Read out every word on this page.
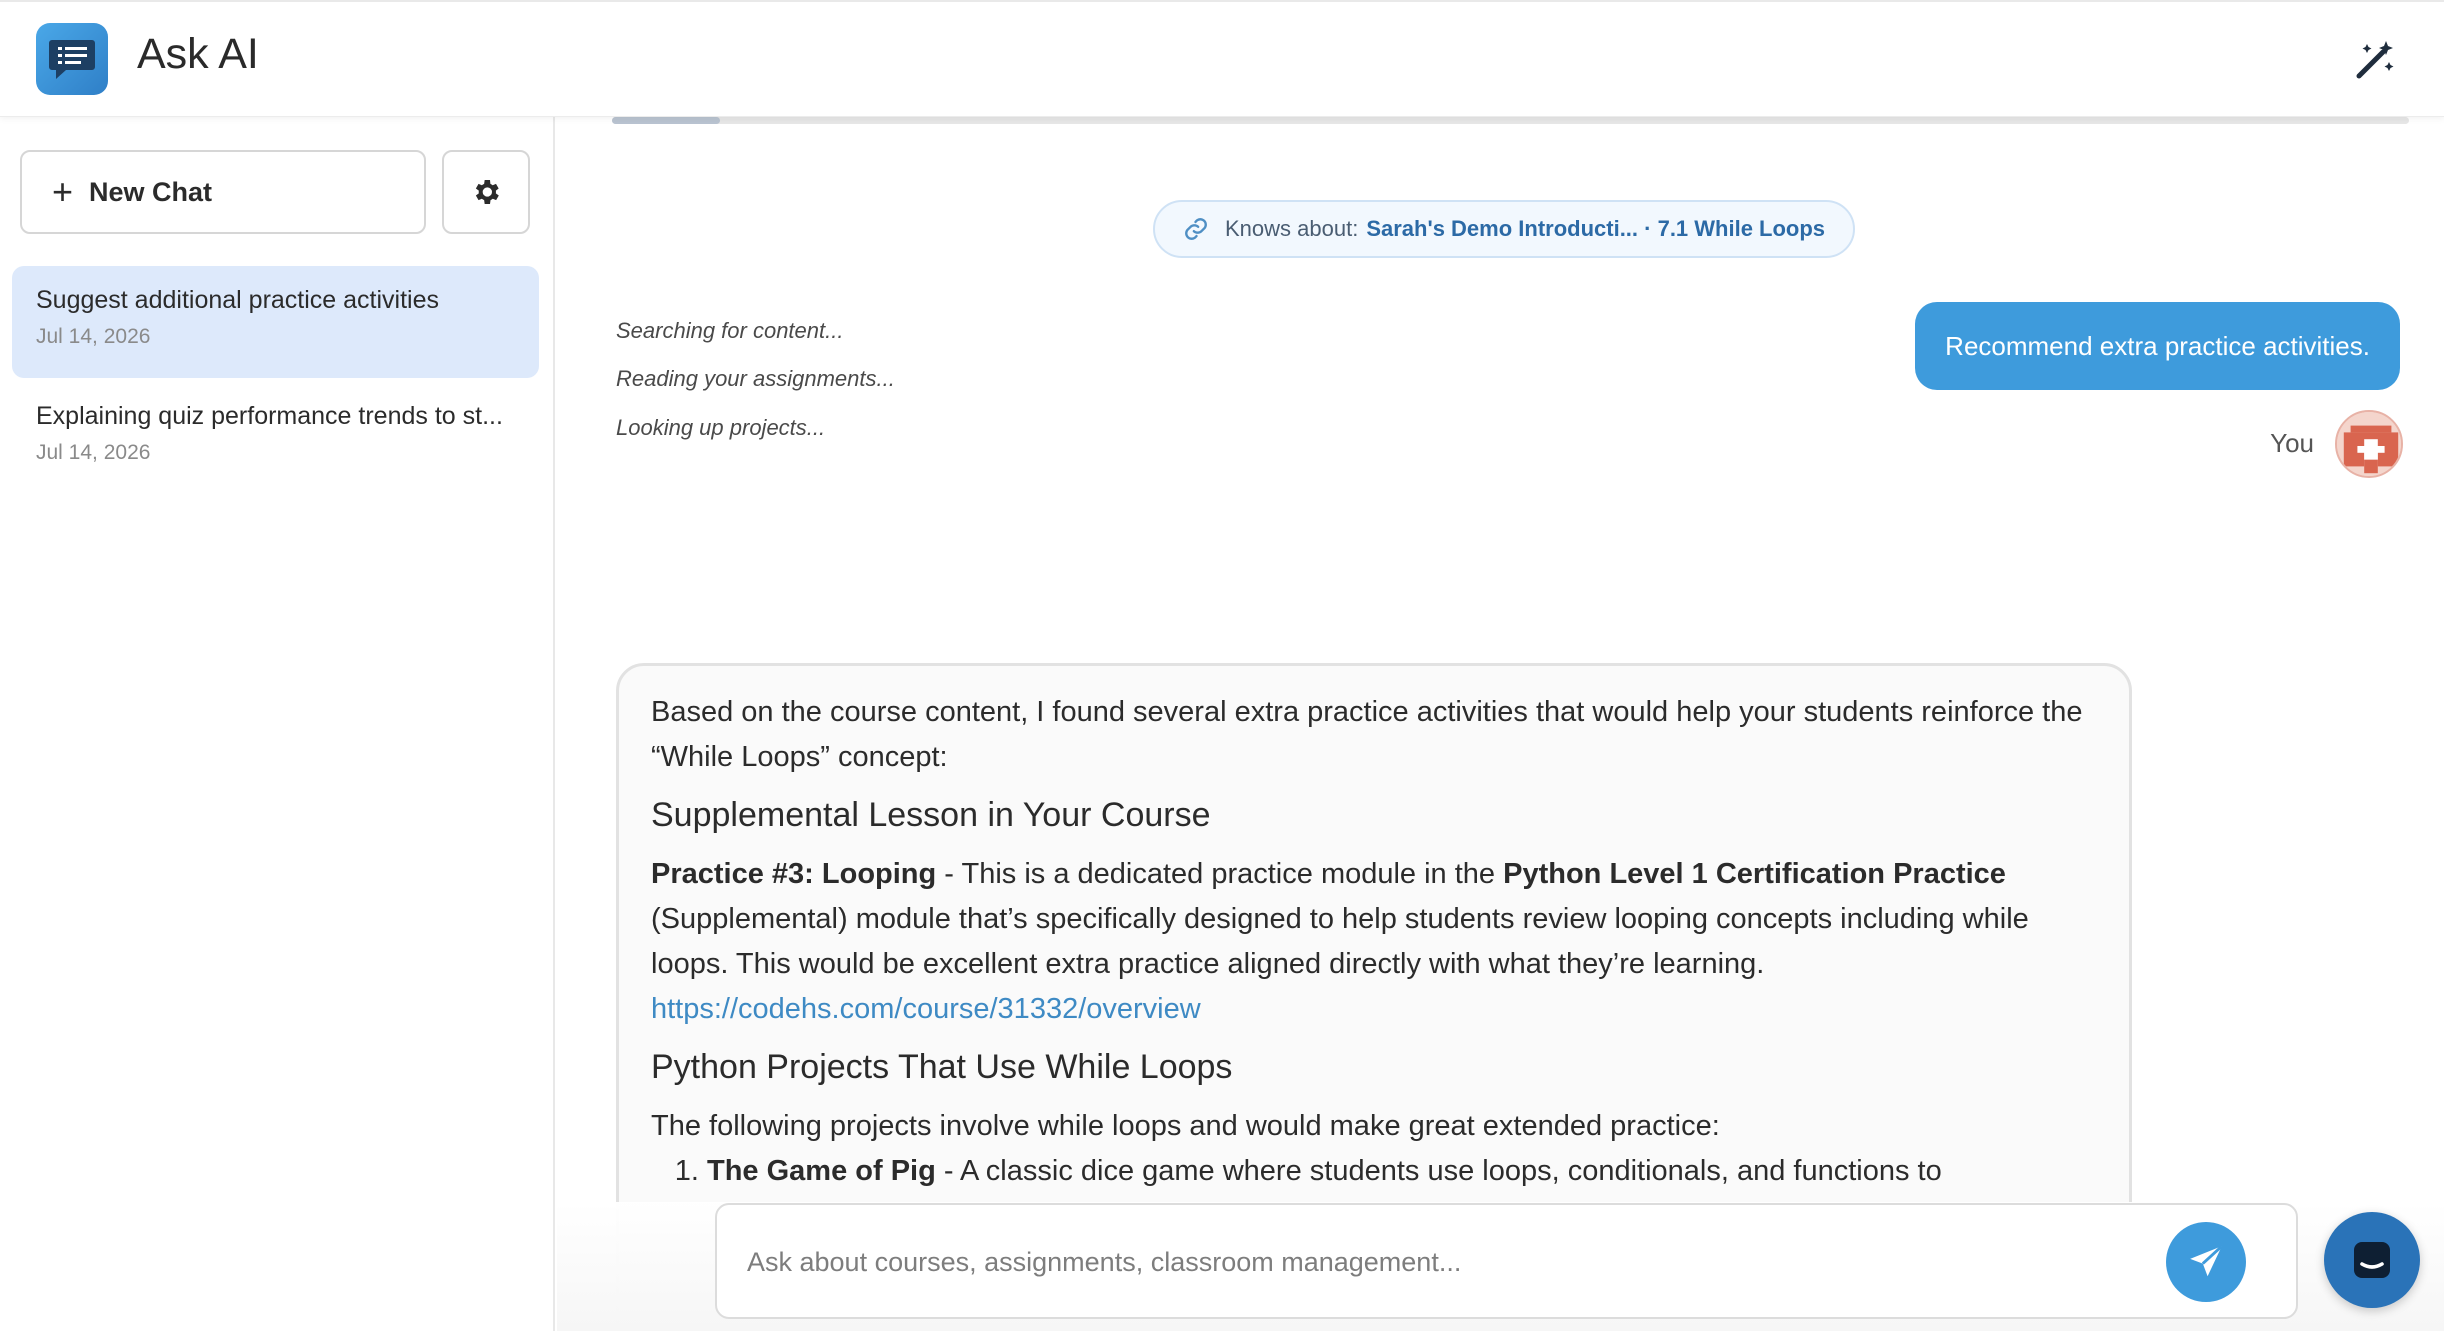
Ask AI
+ New Chat
Suggest additional practice activities
Jul 14, 2026
Explaining quiz performance trends to st...
Jul 14, 2026
Knows about: Sarah's Demo Introducti... · 7.1 While Loops
Recommend extra practice activities.
You
Searching for content...
Reading your assignments...
Looking up projects...

Based on the course content, I found several extra practice activities that would help your students reinforce the “While Loops” concept:

Supplemental Lesson in Your Course

Practice #3: Looping - This is a dedicated practice module in the Python Level 1 Certification Practice (Supplemental) module that’s specifically designed to help students review looping concepts including while loops. This would be excellent extra practice aligned directly with what they’re learning.
https://codehs.com/course/31332/overview

Python Projects That Use While Loops

The following projects involve while loops and would make great extended practice:

1. The Game of Pig - A classic dice game where students use loops, conditionals, and functions to
Ask about courses, assignments, classroom management...
